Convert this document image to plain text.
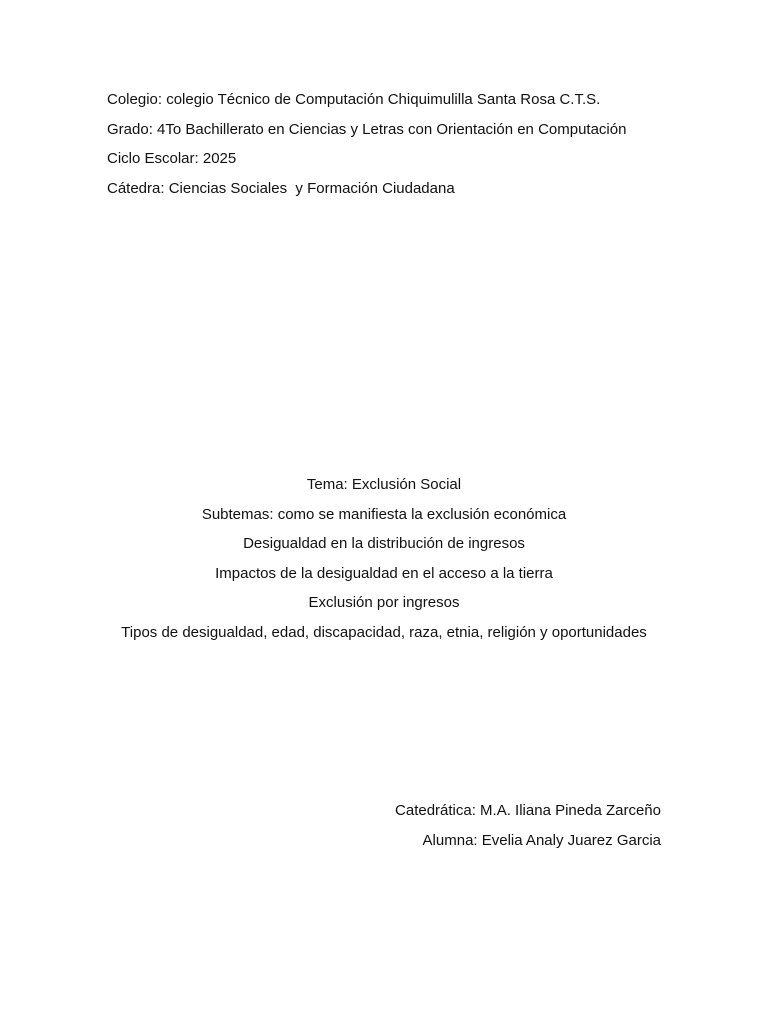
Colegio: colegio Técnico de Computación Chiquimulilla Santa Rosa C.T.S.
Grado: 4To Bachillerato en Ciencias y Letras con Orientación en Computación
Ciclo Escolar: 2025
Cátedra: Ciencias Sociales  y Formación Ciudadana
Tema: Exclusión Social
Subtemas: como se manifiesta la exclusión económica
Desigualdad en la distribución de ingresos
Impactos de la desigualdad en el acceso a la tierra
Exclusión por ingresos
Tipos de desigualdad, edad, discapacidad, raza, etnia, religión y oportunidades
Catedrática: M.A. Iliana Pineda Zarceño
Alumna: Evelia Analy Juarez Garcia
